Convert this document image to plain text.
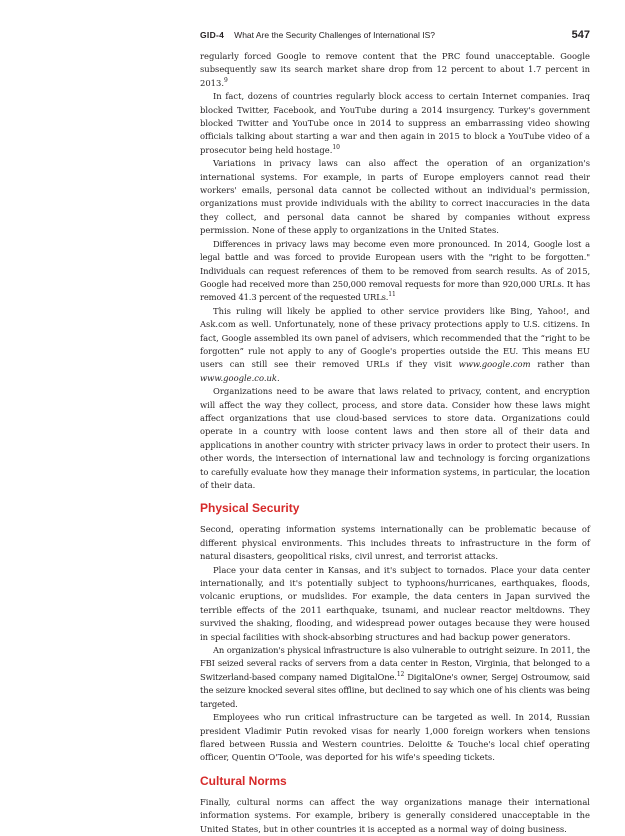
GID-4 What Are the Security Challenges of International IS?	547

regularly forced Google to remove content that the PRC found unacceptable. Google subsequently saw its search market share drop from 12 percent to about 1.7 percent in 2013.$^9$

In fact, dozens of countries regularly block access to certain Internet companies. Iraq blocked Twitter, Facebook, and YouTube during a 2014 insurgency. Turkey's government blocked Twitter and YouTube once in 2014 to suppress an embarrassing video showing officials talking about starting a war and then again in 2015 to block a YouTube video of a prosecutor being held hostage.$^{10}$

Variations in privacy laws can also affect the operation of an organization's international systems. For example, in parts of Europe employers cannot read their workers' emails, personal data cannot be collected without an individual's permission, organizations must provide individuals with the ability to correct inaccuracies in the data they collect, and personal data cannot be shared by companies without express permission. None of these apply to organizations in the United States.

Differences in privacy laws may become even more pronounced. In 2014, Google lost a legal battle and was forced to provide European users with the "right to be forgotten." Individuals can request references of them to be removed from search results. As of 2015, Google had received more than 250,000 removal requests for more than 920,000 URLs. It has removed 41.3 percent of the requested URLs.$^{11}$

This ruling will likely be applied to other service providers like Bing, Yahoo!, and Ask.com as well. Unfortunately, none of these privacy protections apply to U.S. citizens. In fact, Google assembled its own panel of advisers, which recommended that the “right to be forgotten” rule not apply to any of Google's properties outside the EU. This means EU users can still see their removed URLs if they visit www.google.com rather than www.google.co.uk.

Organizations need to be aware that laws related to privacy, content, and encryption will affect the way they collect, process, and store data. Consider how these laws might affect organizations that use cloud-based services to store data. Organizations could operate in a country with loose content laws and then store all of their data and applications in another country with stricter privacy laws in order to protect their users. In other words, the intersection of international law and technology is forcing organizations to carefully evaluate how they manage their information systems, in particular, the location of their data.

Physical Security

Second, operating information systems internationally can be problematic because of different physical environments. This includes threats to infrastructure in the form of natural disasters, geopolitical risks, civil unrest, and terrorist attacks.

Place your data center in Kansas, and it's subject to tornados. Place your data center internationally, and it's potentially subject to typhoons/hurricanes, earthquakes, floods, volcanic eruptions, or mudslides. For example, the data centers in Japan survived the terrible effects of the 2011 earthquake, tsunami, and nuclear reactor meltdowns. They survived the shaking, flooding, and widespread power outages because they were housed in special facilities with shock-absorbing structures and had backup power generators.

An organization's physical infrastructure is also vulnerable to outright seizure. In 2011, the FBI seized several racks of servers from a data center in Reston, Virginia, that belonged to a Switzerland-based company named DigitalOne.$^{12}$ DigitalOne's owner, Sergej Ostroumow, said the seizure knocked several sites offline, but declined to say which one of his clients was being targeted.

Employees who run critical infrastructure can be targeted as well. In 2014, Russian president Vladimir Putin revoked visas for nearly 1,000 foreign workers when tensions flared between Russia and Western countries. Deloitte & Touche's local chief operating officer, Quentin O'Toole, was deported for his wife's speeding tickets.

Cultural Norms

Finally, cultural norms can affect the way organizations manage their international information systems. For example, bribery is generally considered unacceptable in the United States, but in other countries it is accepted as a normal way of doing business.
